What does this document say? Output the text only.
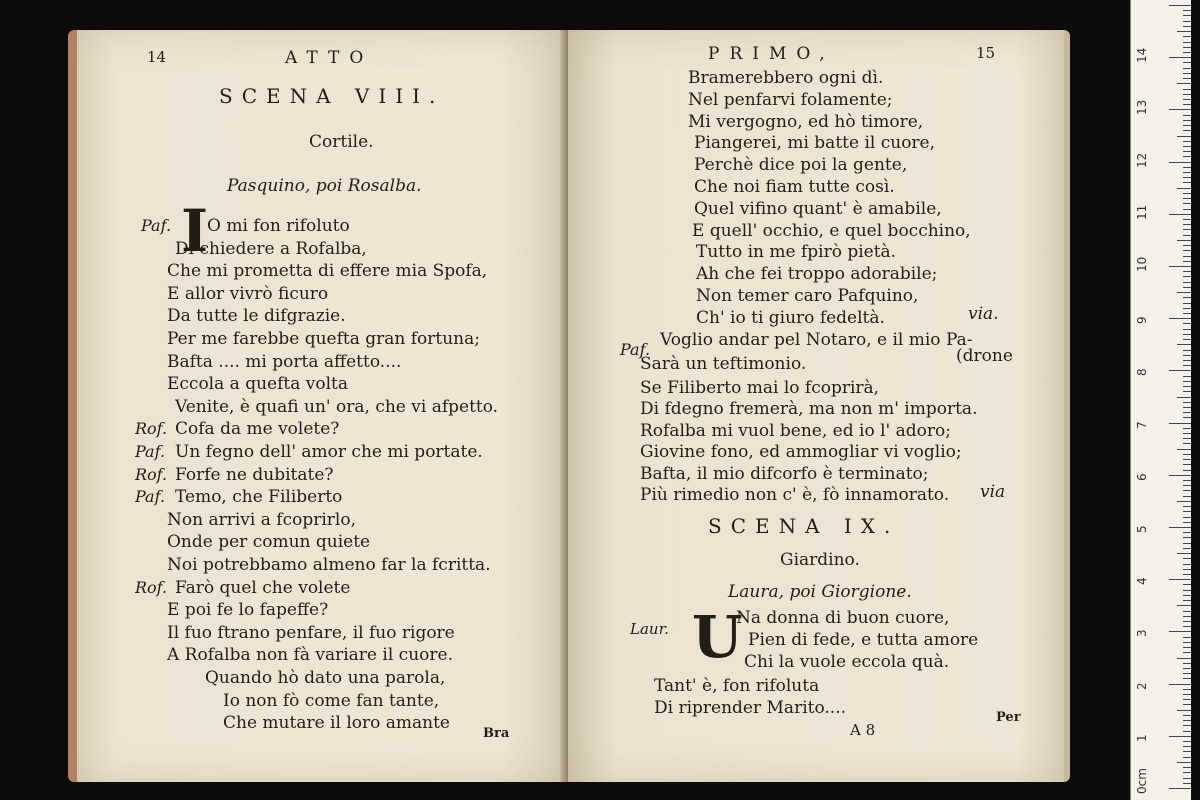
14	ATTO
SCENA VIII.
Cortile.
Pasquino, poi Rosalba.
Paf. I
O mi fon rifoluto
Di chiedere a Rofalba,
Che mi prometta di effere mia Spofa,
E allor vivrò ficuro
Da tutte le difgrazie.
Per me farebbe quefta gran fortuna;
Bafta .... mi porta affetto....
Eccola a quefta volta
Venite, è quafi un' ora, che vi afpetto.
Rof. Cofa da me volete?
Paf. Un fegno dell' amor che mi portate.
Rof. Forfe ne dubitate?
Paf. Temo, che Filiberto
Non arrivi a fcoprirlo,
Onde per comun quiete
Noi potrebbamo almeno far la fcritta.
Rof. Farò quel che volete
E poi fe lo fapeffe?
Il fuo ftrano penfare, il fuo rigore
A Rofalba non fà variare il cuore.
Quando hò dato una parola,
Io non fò come fan tante,
Che mutare il loro amante
Bra
PRIMO,	15
Bramerebbero ogni dì.
Nel penfarvi folamente;
Mi vergogno, ed hò timore,
Piangerei, mi batte il cuore,
Perchè dice poi la gente,
Che noi fiam tutte così.
Quel vifino quant' è amabile,
E quell' occhio, e quel bocchino,
Tutto in me fpirò pietà.
Ah che fei troppo adorabile;
Non temer caro Pafquino,
Ch' io ti giuro fedeltà.	via.
Paf. Voglio andar pel Notaro, e il mio Pa-
Sarà un teftimonio.	(drone
Se Filiberto mai lo fcoprirà,
Di fdegno fremerà, ma non m' importa.
Rofalba mi vuol bene, ed io l' adoro;
Giovine fono, ed ammogliar vi voglio;
Bafta, il mio difcorfo è terminato;
Più rimedio non c' è, fò innamorato. via
SCENA IX.
Giardino.
Laura, poi Giorgione.
Laur. U
Na donna di buon cuore,
Pien di fede, e tutta amore
Chi la vuole eccola quà.
Tant' è, fon rifoluta
Di riprender Marito....
A 8
Per
0cm
1
2
3
4
5
6
7
8
9
10
11
12
13
14
